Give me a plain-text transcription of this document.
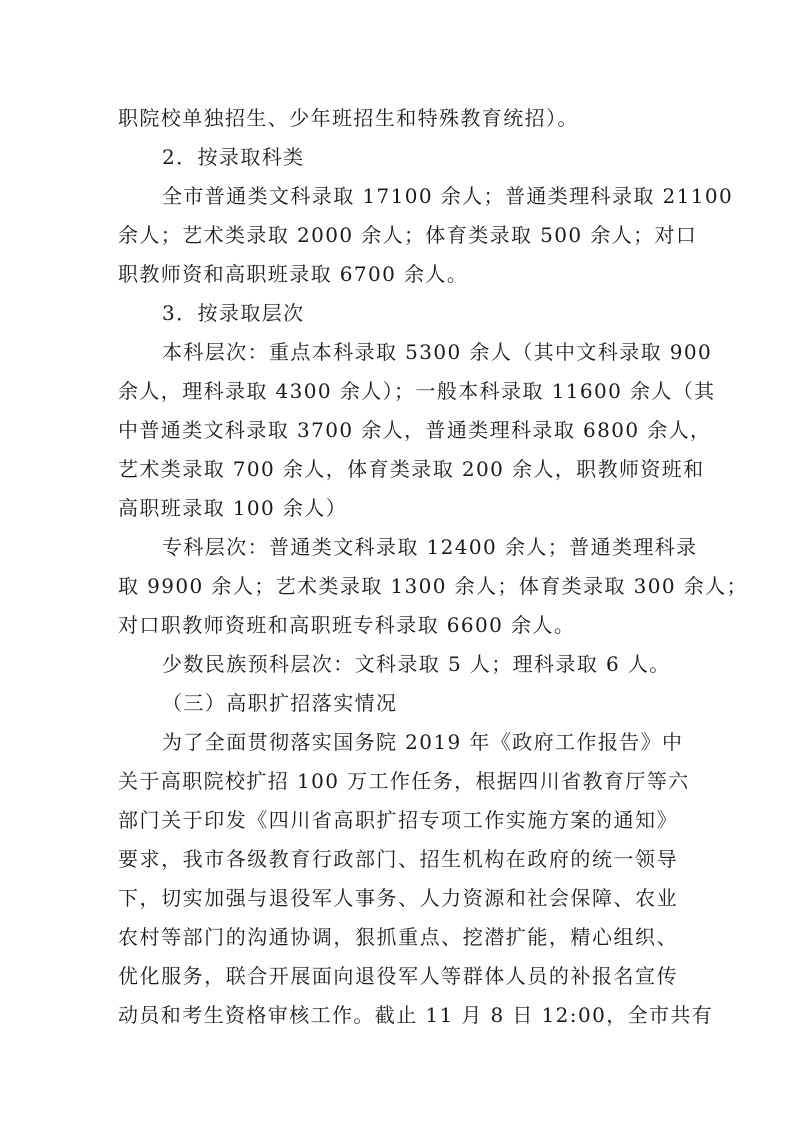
职院校单独招生、少年班招生和特殊教育统招）。
2．按录取科类
全市普通类文科录取 17100 余人；普通类理科录取 21100
余人；艺术类录取 2000 余人；体育类录取 500 余人；对口
职教师资和高职班录取 6700 余人。
3．按录取层次
本科层次：重点本科录取 5300 余人（其中文科录取 900
余人，理科录取 4300 余人）；一般本科录取 11600 余人（其
中普通类文科录取 3700 余人，普通类理科录取 6800 余人，
艺术类录取 700 余人，体育类录取 200 余人，职教师资班和
高职班录取 100 余人）
专科层次：普通类文科录取 12400 余人；普通类理科录
取 9900 余人；艺术类录取 1300 余人；体育类录取 300 余人；
对口职教师资班和高职班专科录取 6600 余人。
少数民族预科层次：文科录取 5 人；理科录取 6 人。
（三）高职扩招落实情况
为了全面贯彻落实国务院 2019 年《政府工作报告》中
关于高职院校扩招 100 万工作任务，根据四川省教育厅等六
部门关于印发《四川省高职扩招专项工作实施方案的通知》
要求，我市各级教育行政部门、招生机构在政府的统一领导
下，切实加强与退役军人事务、人力资源和社会保障、农业
农村等部门的沟通协调，狠抓重点、挖潜扩能，精心组织、
优化服务，联合开展面向退役军人等群体人员的补报名宣传
动员和考生资格审核工作。截止 11 月 8 日 12:00，全市共有
